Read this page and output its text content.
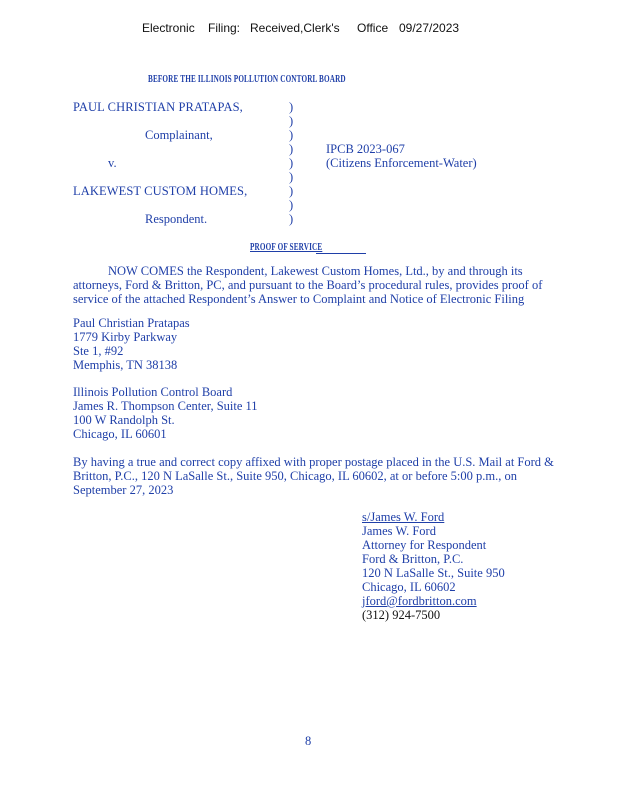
Electronic Filing: Received,Clerk's Office 09/27/2023
BEFORE THE ILLINOIS POLLUTION CONTORL BOARD
PAUL CHRISTIAN PRATAPAS,
Complainant,
v.
LAKEWEST CUSTOM HOMES,
Respondent.
)
)
)
)
)
)
)
)
)
IPCB 2023-067
(Citizens Enforcement-Water)
PROOF OF SERVICE
NOW COMES the Respondent, Lakewest Custom Homes, Ltd., by and through its
attorneys, Ford & Britton, PC, and pursuant to the Board’s procedural rules, provides proof of
service of the attached Respondent’s Answer to Complaint and Notice of Electronic Filing
Paul Christian Pratapas
1779 Kirby Parkway
Ste 1, #92
Memphis, TN 38138
Illinois Pollution Control Board
James R. Thompson Center, Suite 11
100 W Randolph St.
Chicago, IL 60601
By having a true and correct copy affixed with proper postage placed in the U.S. Mail at Ford &
Britton, P.C., 120 N LaSalle St., Suite 950, Chicago, IL 60602, at or before 5:00 p.m., on
September 27, 2023
s/James W. Ford
James W. Ford
Attorney for Respondent
Ford & Britton, P.C.
120 N LaSalle St., Suite 950
Chicago, IL 60602
jford@fordbritton.com
(312) 924-7500
8
